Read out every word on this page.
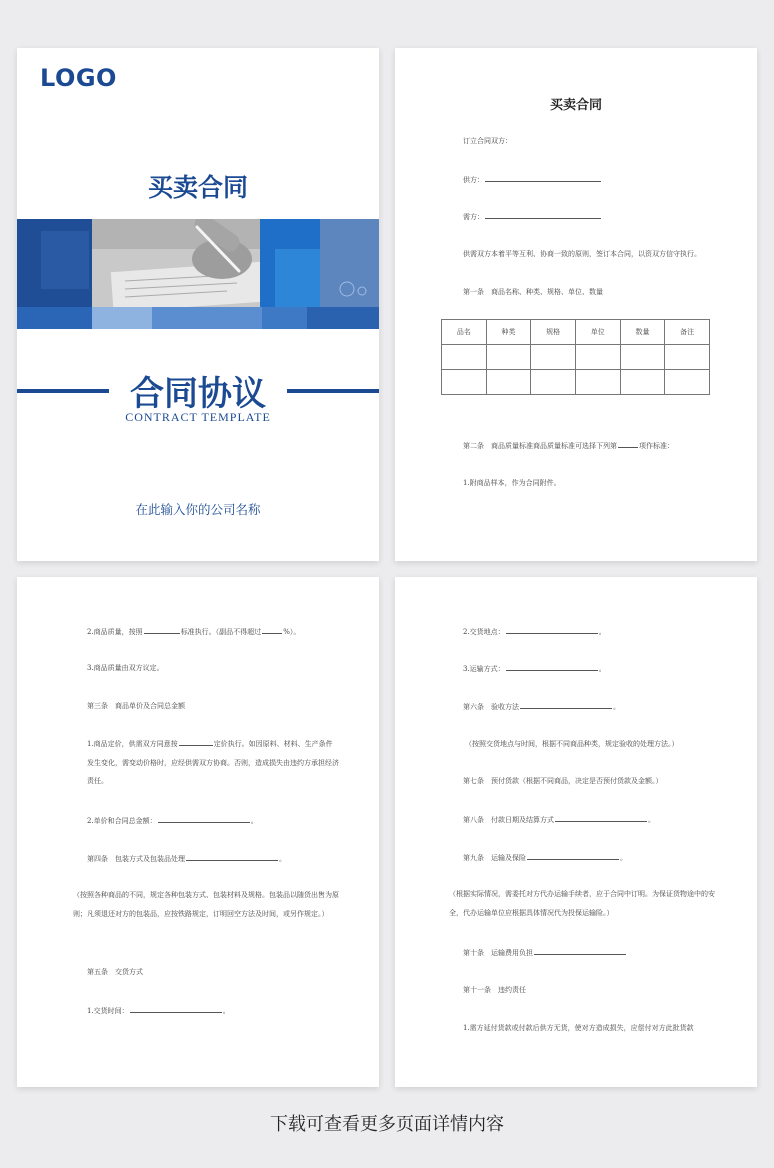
LOGO
买卖合同
合同协议
CONTRACT TEMPLATE
在此输入你的公司名称
买卖合同
订立合同双方：
供方：
需方：
供需双方本着平等互利、协商一致的原则，签订本合同，以资双方信守执行。
第一条　商品名称、种类、规格、单位、数量
品名	种类	规格	单位	数量	备注

第二条　商品质量标准商品质量标准可选择下列第	项作标准：
1.附商品样本，作为合同附件。
2.商品质量，按照	标准执行。（副品不得超过	%）。
3.商品质量由双方议定。
第三条　商品单价及合同总金额
1.商品定价，供需双方同意按	定价执行。如因原料、材料、生产条件发生变化，需变动价格时，应经供需双方协商。否则，造成损失由违约方承担经济责任。
2.单价和合同总金额：	。
第四条　包装方式及包装品处理	。
（按照各种商品的不同，规定各种包装方式、包装材料及规格。包装品以随货出售为原则；凡须退还对方的包装品，应按铁路规定，订明回空方法及时间，或另作规定。）
第五条　交货方式
1.交货时间：	。
2.交货地点：	。
3.运输方式：	。
第六条　验收方法	。
（按照交货地点与时间，根据不同商品种类，规定验收的处理方法。）
第七条　预付货款（根据不同商品，决定是否预付货款及金额。）
第八条　付款日期及结算方式	。
第九条　运输及保险	。
（根据实际情况，需委托对方代办运输手续者，应于合同中订明。为保证货物途中的安全，代办运输单位应根据具体情况代为投保运输险。）
第十条　运输费用负担
第十一条　违约责任
1.需方延付货款或付款后供方无货，使对方造成损失，应偿付对方此批货款
下载可查看更多页面详情内容
